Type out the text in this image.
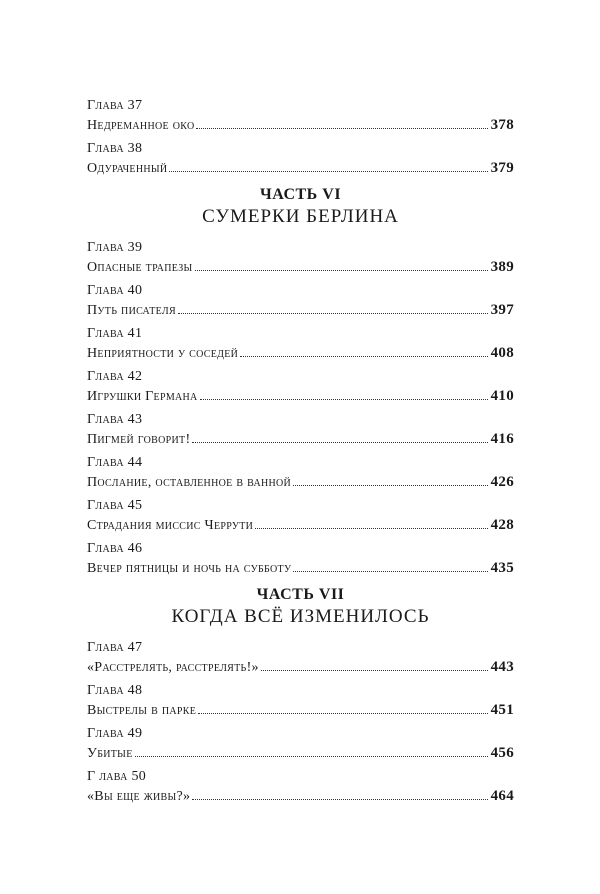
Глава 37
Недреманное око	378
Глава 38
Одураченный	379
ЧАСТЬ VI
СУМЕРКИ БЕРЛИНА
Глава 39
Опасные трапезы	389
Глава 40
Путь писателя	397
Глава 41
Неприятности у соседей	408
Глава 42
Игрушки Германа	410
Глава 43
Пигмей говорит!	416
Глава 44
Послание, оставленное в ванной	426
Глава 45
Страдания миссис Черрути	428
Глава 46
Вечер пятницы и ночь на субботу	435
ЧАСТЬ VII
КОГДА ВСЁ ИЗМЕНИЛОСЬ
Глава 47
«Расстрелять, расстрелять!»	443
Глава 48
Выстрелы в парке	451
Глава 49
Убитые	456
Г лава 50
«Вы еще живы?»	464
